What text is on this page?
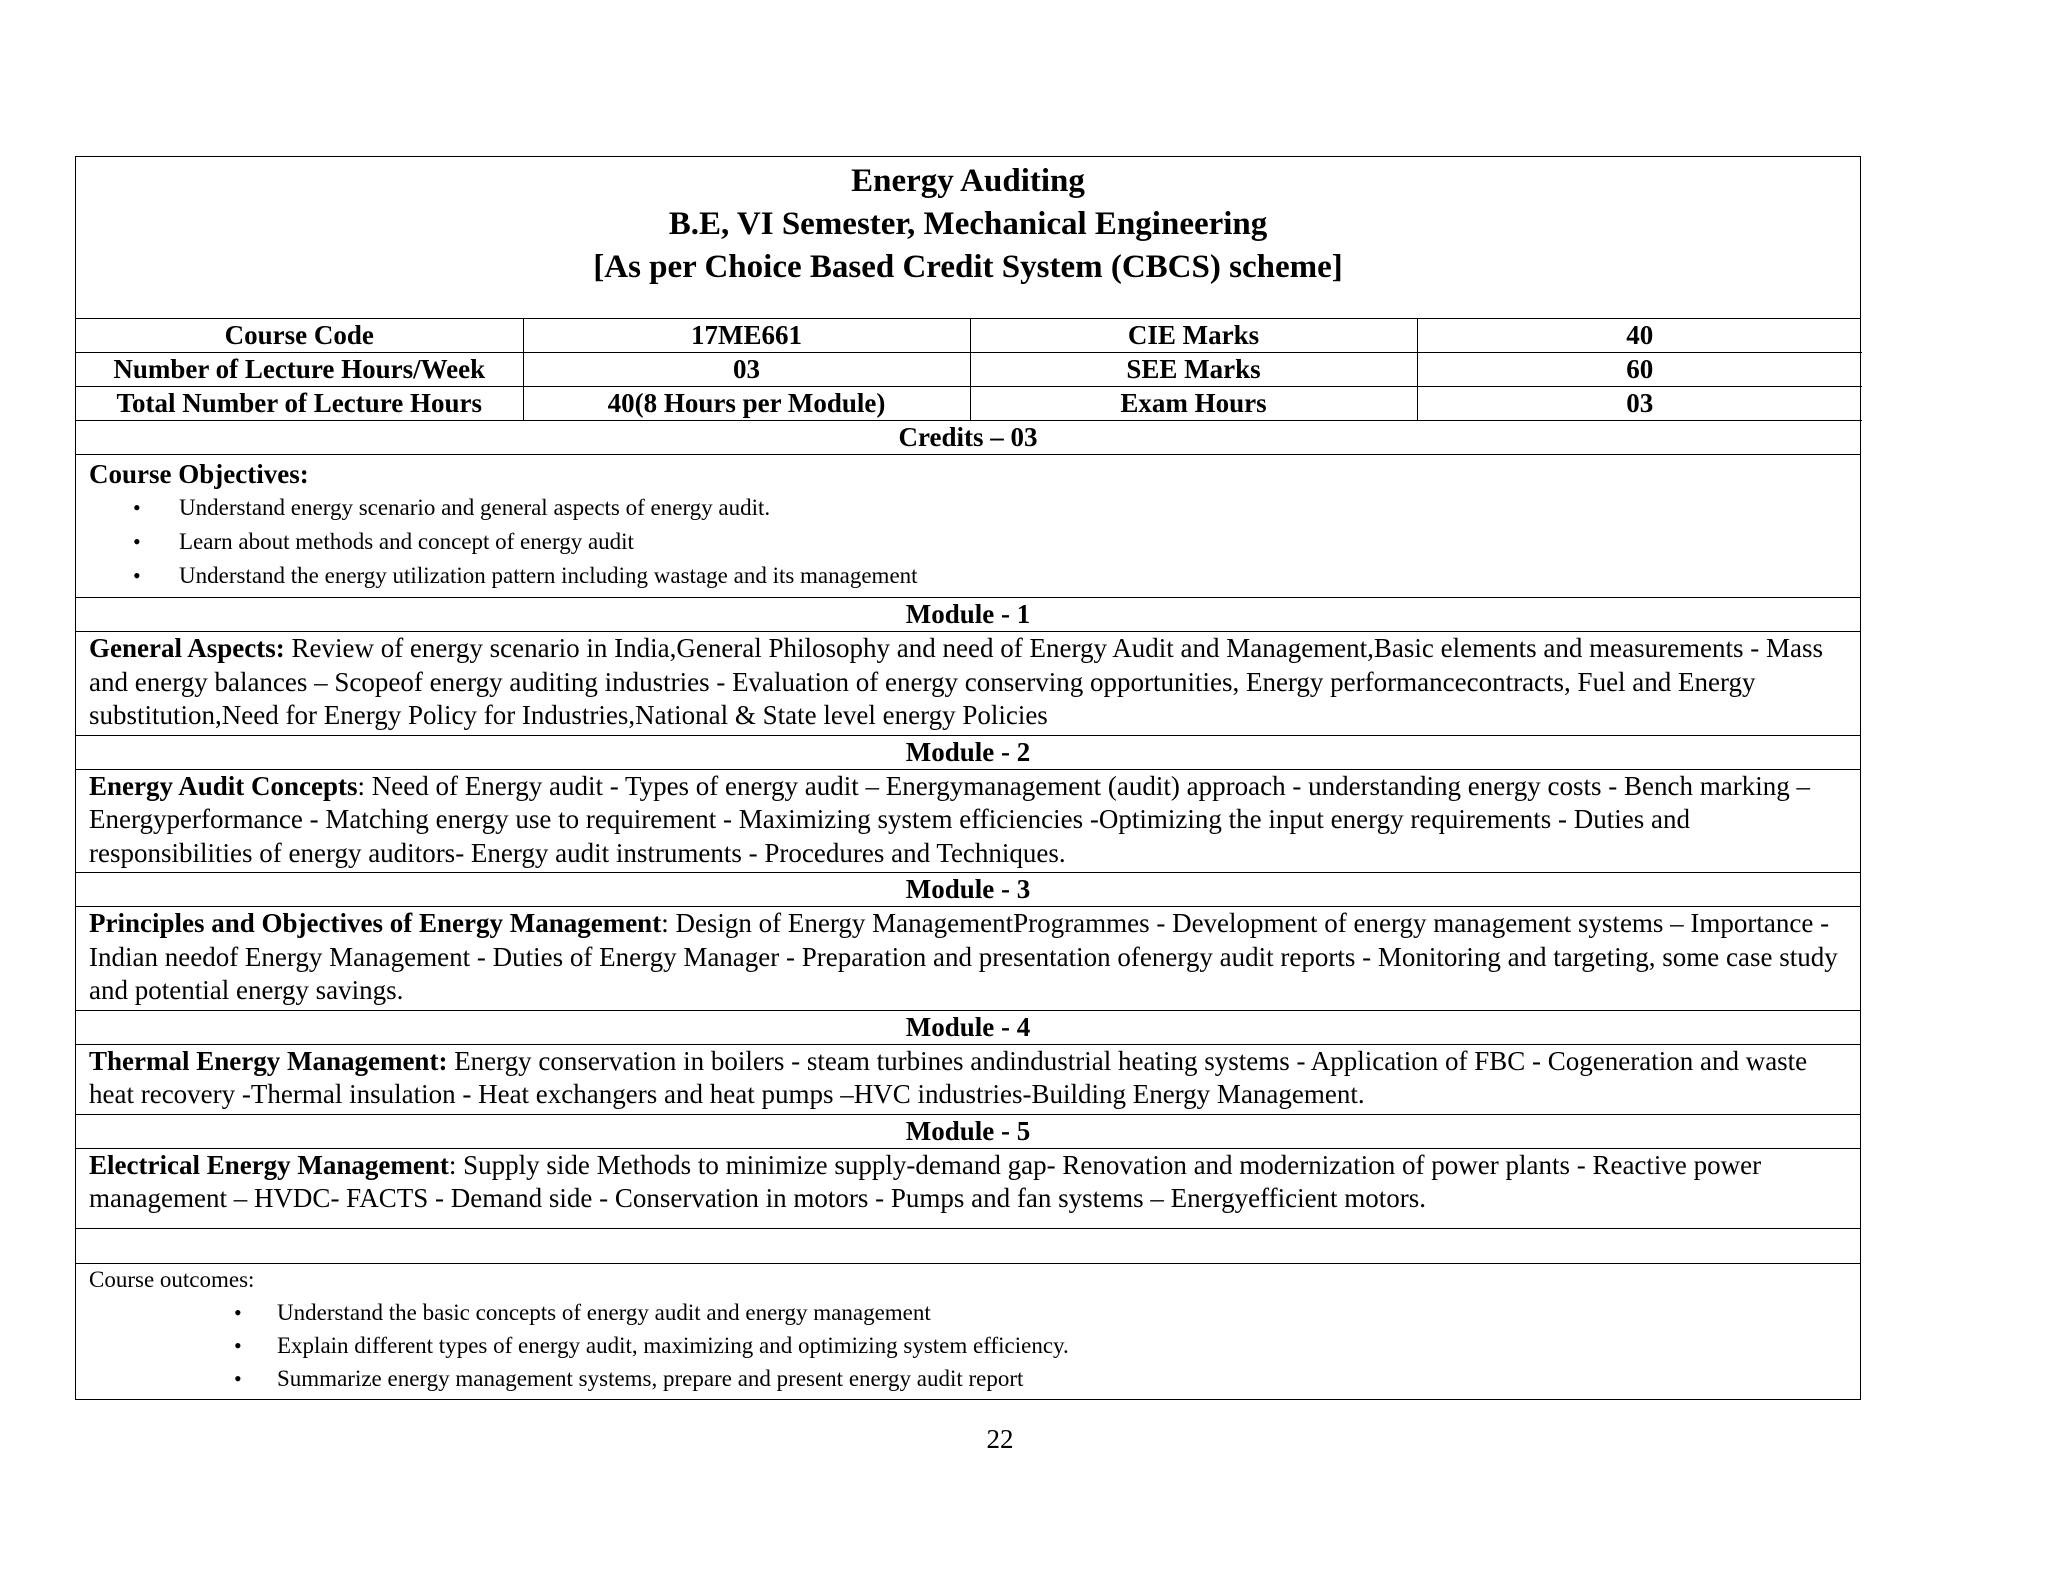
Energy Auditing
B.E, VI Semester, Mechanical Engineering
[As per Choice Based Credit System (CBCS) scheme]
Course Code	17ME661	CIE Marks	40
Number of Lecture Hours/Week	03	SEE Marks	60
Total Number of Lecture Hours	40(8 Hours per Module)	Exam Hours	03
Credits – 03
Course Objectives:
• Understand energy scenario and general aspects of energy audit.
• Learn about methods and concept of energy audit
• Understand the energy utilization pattern including wastage and its management
Module - 1
General Aspects: Review of energy scenario in India,General Philosophy and need of Energy Audit and Management,Basic elements and measurements - Mass and energy balances – Scopeof energy auditing industries - Evaluation of energy conserving opportunities, Energy performancecontracts, Fuel and Energy substitution,Need for Energy Policy for Industries,National & State level energy Policies
Module - 2
Energy Audit Concepts: Need of Energy audit - Types of energy audit – Energymanagement (audit) approach - understanding energy costs - Bench marking – Energyperformance - Matching energy use to requirement - Maximizing system efficiencies -Optimizing the input energy requirements - Duties and responsibilities of energy auditors- Energy audit instruments - Procedures and Techniques.
Module - 3
Principles and Objectives of Energy Management: Design of Energy ManagementProgrammes - Development of energy management systems – Importance - Indian needof Energy Management - Duties of Energy Manager - Preparation and presentation ofenergy audit reports - Monitoring and targeting, some case study and potential energy savings.
Module - 4
Thermal Energy Management: Energy conservation in boilers - steam turbines andindustrial heating systems - Application of FBC - Cogeneration and waste heat recovery -Thermal insulation - Heat exchangers and heat pumps –HVC industries-Building Energy Management.
Module - 5
Electrical Energy Management: Supply side Methods to minimize supply-demand gap- Renovation and modernization of power plants - Reactive power management – HVDC- FACTS - Demand side - Conservation in motors - Pumps and fan systems – Energyefficient motors.
Course outcomes:
• Understand the basic concepts of energy audit and energy management
• Explain different types of energy audit, maximizing and optimizing system efficiency.
• Summarize energy management systems, prepare and present energy audit report
22
